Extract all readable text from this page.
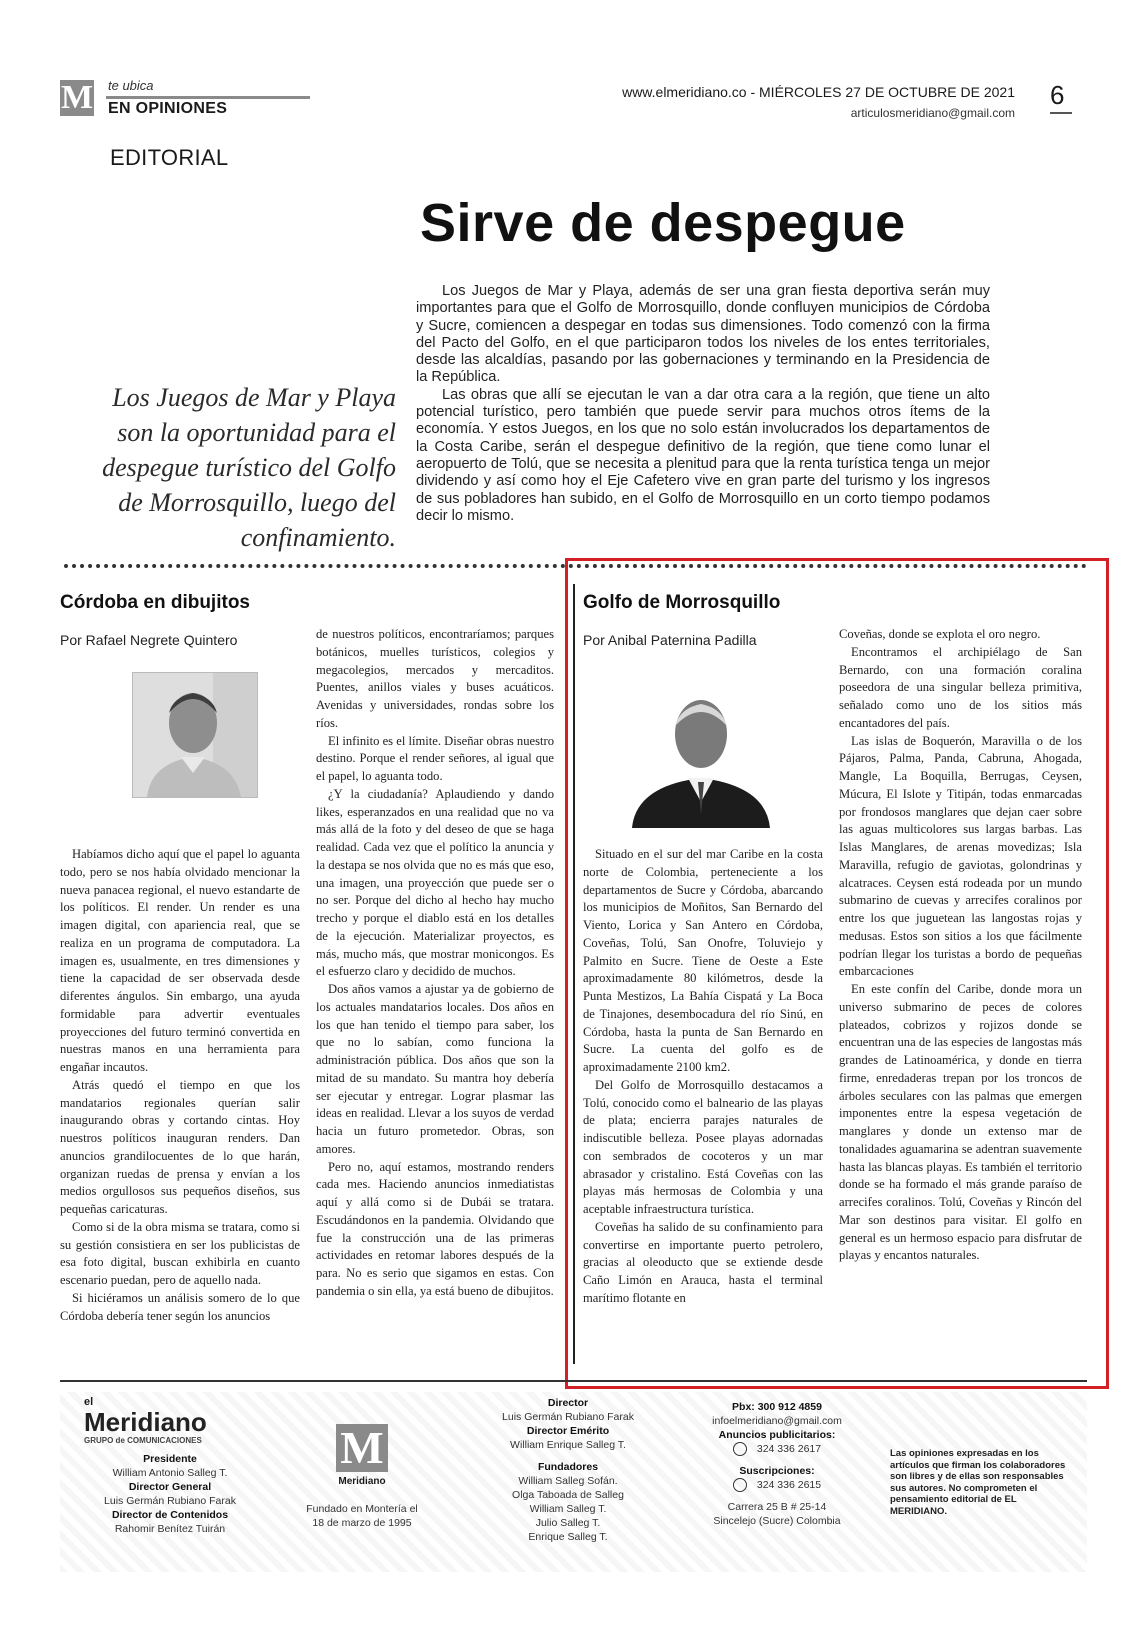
M te ubica
EN OPINIONES
www.elmeridiano.co - MIÉRCOLES 27 DE OCTUBRE DE 2021
articulosmeridiano@gmail.com
6
EDITORIAL
Sirve de despegue
Los Juegos de Mar y Playa son la oportunidad para el despegue turístico del Golfo de Morrosquillo, luego del confinamiento.

Los Juegos de Mar y Playa, además de ser una gran fiesta deportiva serán muy importantes para que el Golfo de Morrosquillo, donde confluyen municipios de Córdoba y Sucre, comiencen a despegar en todas sus dimensiones. Todo comenzó con la firma del Pacto del Golfo, en el que participaron todos los niveles de los entes territoriales, desde las alcaldías, pasando por las gobernaciones y terminando en la Presidencia de la República.

Las obras que allí se ejecutan le van a dar otra cara a la región, que tiene un alto potencial turístico, pero también que puede servir para muchos otros ítems de la economía. Y estos Juegos, en los que no solo están involucrados los departamentos de la Costa Caribe, serán el despegue definitivo de la región, que tiene como lunar el aeropuerto de Tolú, que se necesita a plenitud para que la renta turística tenga un mejor dividendo y así como hoy el Eje Cafetero vive en gran parte del turismo y los ingresos de sus pobladores han subido, en el Golfo de Morrosquillo en un corto tiempo podamos decir lo mismo.

Córdoba en dibujitos
Por Rafael Negrete Quintero

Habíamos dicho aquí que el papel lo aguanta todo, pero se nos había olvidado mencionar la nueva panacea regional, el nuevo estandarte de los políticos. El render. Un render es una imagen digital, con apariencia real, que se realiza en un programa de computadora. La imagen es, usualmente, en tres dimensiones y tiene la capacidad de ser observada desde diferentes ángulos. Sin embargo, una ayuda formidable para advertir eventuales proyecciones del futuro terminó convertida en nuestras manos en una herramienta para engañar incautos.

Atrás quedó el tiempo en que los mandatarios regionales querían salir inaugurando obras y cortando cintas. Hoy nuestros políticos inauguran renders. Dan anuncios grandilocuentes de lo que harán, organizan ruedas de prensa y envían a los medios orgullosos sus pequeños diseños, sus pequeñas caricaturas.

Como si de la obra misma se tratara, como si su gestión consistiera en ser los publicistas de esa foto digital, buscan exhibirla en cuanto escenario puedan, pero de aquello nada.

Si hiciéramos un análisis somero de lo que Córdoba debería tener según los anuncios

de nuestros políticos, encontraríamos; parques botánicos, muelles turísticos, colegios y megacolegios, mercados y mercaditos. Puentes, anillos viales y buses acuáticos. Avenidas y universidades, rondas sobre los ríos.

El infinito es el límite. Diseñar obras nuestro destino. Porque el render señores, al igual que el papel, lo aguanta todo.

¿Y la ciudadanía? Aplaudiendo y dando likes, esperanzados en una realidad que no va más allá de la foto y del deseo de que se haga realidad. Cada vez que el político la anuncia y la destapa se nos olvida que no es más que eso, una imagen, una proyección que puede ser o no ser. Porque del dicho al hecho hay mucho trecho y porque el diablo está en los detalles de la ejecución. Materializar proyectos, es más, mucho más, que mostrar monicongos. Es el esfuerzo claro y decidido de muchos.

Dos años vamos a ajustar ya de gobierno de los actuales mandatarios locales. Dos años en los que han tenido el tiempo para saber, los que no lo sabían, como funciona la administración pública. Dos años que son la mitad de su mandato. Su mantra hoy debería ser ejecutar y entregar. Lograr plasmar las ideas en realidad. Llevar a los suyos de verdad hacia un futuro prometedor. Obras, son amores.

Pero no, aquí estamos, mostrando renders cada mes. Haciendo anuncios inmediatistas aquí y allá como si de Dubái se tratara. Escudándonos en la pandemia. Olvidando que fue la construcción una de las primeras actividades en retomar labores después de la para. No es serio que sigamos en estas. Con pandemia o sin ella, ya está bueno de dibujitos.

Golfo de Morrosquillo
Por Anibal Paternina Padilla

Situado en el sur del mar Caribe en la costa norte de Colombia, perteneciente a los departamentos de Sucre y Córdoba, abarcando los municipios de Moñitos, San Bernardo del Viento, Lorica y San Antero en Córdoba, Coveñas, Tolú, San Onofre, Toluviejo y Palmito en Sucre. Tiene de Oeste a Este aproximadamente 80 kilómetros, desde la Punta Mestizos, La Bahía Cispatá y La Boca de Tinajones, desembocadura del río Sinú, en Córdoba, hasta la punta de San Bernardo en Sucre. La cuenta del golfo es de aproximadamente 2100 km2.

Del Golfo de Morrosquillo destacamos a Tolú, conocido como el balneario de las playas de plata; encierra parajes naturales de indiscutible belleza. Posee playas adornadas con sembrados de cocoteros y un mar abrasador y cristalino. Está Coveñas con las playas más hermosas de Colombia y una aceptable infraestructura turística.

Coveñas ha salido de su confinamiento para convertirse en importante puerto petrolero, gracias al oleoducto que se extiende desde Caño Limón en Arauca, hasta el terminal marítimo flotante en

Coveñas, donde se explota el oro negro.

Encontramos el archipiélago de San Bernardo, con una formación coralina poseedora de una singular belleza primitiva, señalado como uno de los sitios más encantadores del país.

Las islas de Boquerón, Maravilla o de los Pájaros, Palma, Panda, Cabruna, Ahogada, Mangle, La Boquilla, Berrugas, Ceysen, Múcura, El Islote y Titipán, todas enmarcadas por frondosos manglares que dejan caer sobre las aguas multicolores sus largas barbas. Las Islas Manglares, de arenas movedizas; Isla Maravilla, refugio de gaviotas, golondrinas y alcatraces. Ceysen está rodeada por un mundo submarino de cuevas y arrecifes coralinos por entre los que juguetean las langostas rojas y medusas. Estos son sitios a los que fácilmente podrían llegar los turistas a bordo de pequeñas embarcaciones

En este confín del Caribe, donde mora un universo submarino de peces de colores plateados, cobrizos y rojizos donde se encuentran una de las especies de langostas más grandes de Latinoamérica, y donde en tierra firme, enredaderas trepan por los troncos de árboles seculares con las palmas que emergen imponentes entre la espesa vegetación de manglares y donde un extenso mar de tonalidades aguamarina se adentran suavemente hasta las blancas playas. Es también el territorio donde se ha formado el más grande paraíso de arrecifes coralinos. Tolú, Coveñas y Rincón del Mar son destinos para visitar. El golfo en general es un hermoso espacio para disfrutar de playas y encantos naturales.

el
Meridiano
GRUPO de COMUNICACIONES
Presidente
William Antonio Salleg T.
Director General
Luis Germán Rubiano Farak
Director de Contenidos
Rahomir Benítez Tuirán
M
Meridiano
Fundado en Montería el 18 de marzo de 1995
Director
Luis Germán Rubiano Farak
Director Emérito
William Enrique Salleg T.
Fundadores
William Salleg Sofán.
Olga Taboada de Salleg
William Salleg T.
Julio Salleg T.
Enrique Salleg T.
Pbx: 300 912 4859
infoelmeridiano@gmail.com
Anuncios publicitarios:
324 336 2617
Suscripciones:
324 336 2615
Carrera 25 B # 25-14
Sincelejo (Sucre) Colombia
Las opiniones expresadas en los artículos que firman los colaboradores son libres y de ellas son responsables sus autores. No comprometen el pensamiento editorial de EL MERIDIANO.
